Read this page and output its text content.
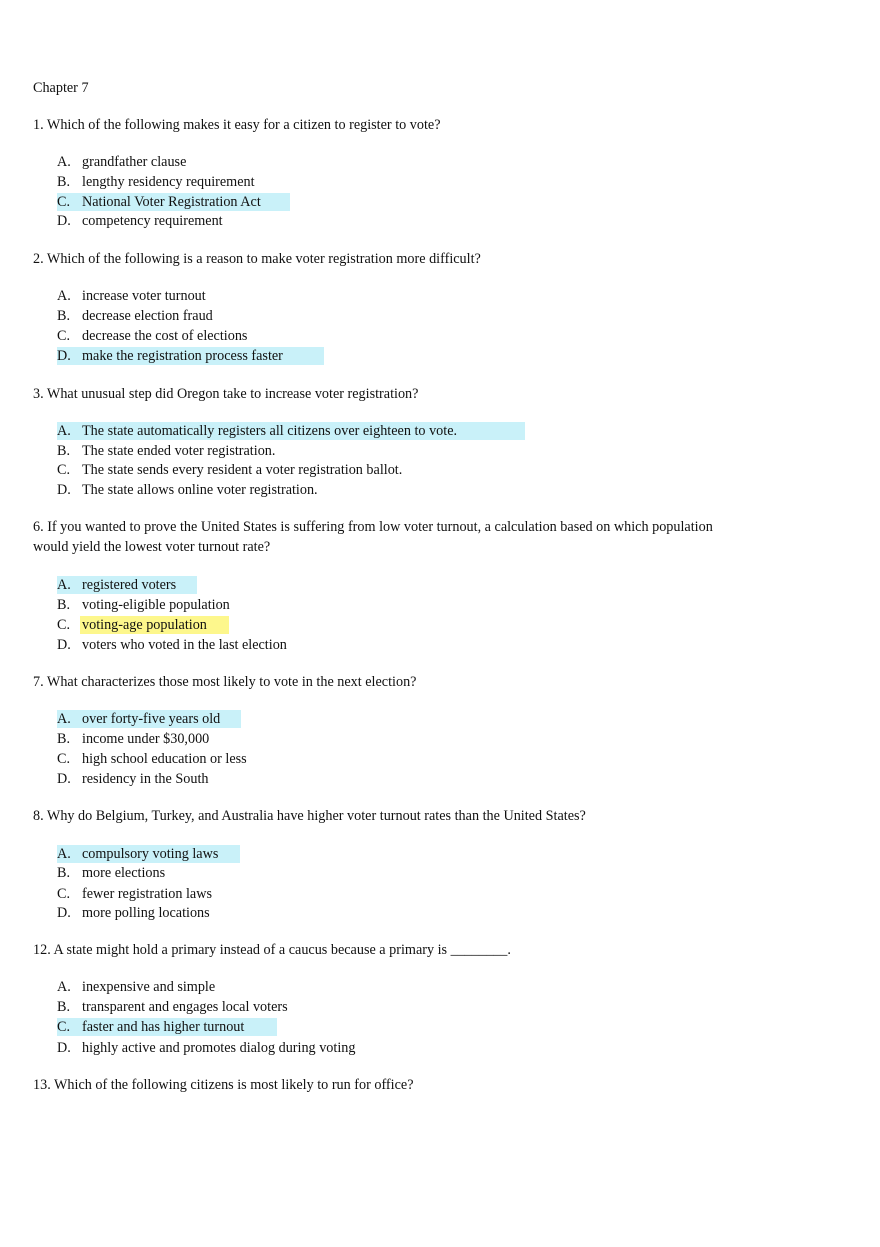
Chapter 7
1. Which of the following makes it easy for a citizen to register to vote?
A. grandfather clause
B. lengthy residency requirement
C. National Voter Registration Act
D. competency requirement
2. Which of the following is a reason to make voter registration more difficult?
A. increase voter turnout
B. decrease election fraud
C. decrease the cost of elections
D. make the registration process faster
3. What unusual step did Oregon take to increase voter registration?
A. The state automatically registers all citizens over eighteen to vote.
B. The state ended voter registration.
C. The state sends every resident a voter registration ballot.
D. The state allows online voter registration.
6. If you wanted to prove the United States is suffering from low voter turnout, a calculation based on which population
would yield the lowest voter turnout rate?
A. registered voters
B. voting-eligible population
C. voting-age population
D. voters who voted in the last election
7. What characterizes those most likely to vote in the next election?
A. over forty-five years old
B. income under $30,000
C. high school education or less
D. residency in the South
8. Why do Belgium, Turkey, and Australia have higher voter turnout rates than the United States?
A. compulsory voting laws
B. more elections
C. fewer registration laws
D. more polling locations
12. A state might hold a primary instead of a caucus because a primary is ________.
A. inexpensive and simple
B. transparent and engages local voters
C. faster and has higher turnout
D. highly active and promotes dialog during voting
13. Which of the following citizens is most likely to run for office?
